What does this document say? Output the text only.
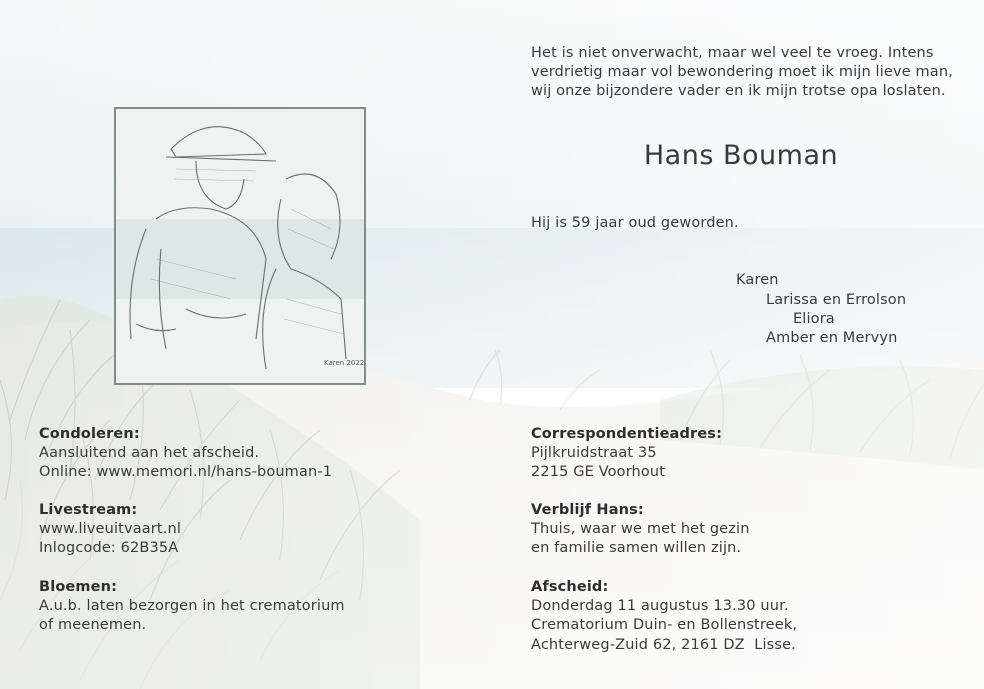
Karen 2022
Het is niet onverwacht, maar wel veel te vroeg. Intens
verdrietig maar vol bewondering moet ik mijn lieve man,
wij onze bijzondere vader en ik mijn trotse opa loslaten.
Hans Bouman
Hij is 59 jaar oud geworden.
Karen
Larissa en Errolson
Eliora
Amber en Mervyn
Condoleren:
Aansluitend aan het afscheid.
Online: www.memori.nl/hans-bouman-1
Livestream:
www.liveuitvaart.nl
Inlogcode: 62B35A
Bloemen:
A.u.b. laten bezorgen in het crematorium
of meenemen.
Correspondentieadres:
Pijlkruidstraat 35
2215 GE Voorhout
Verblijf Hans:
Thuis, waar we met het gezin
en familie samen willen zijn.
Afscheid:
Donderdag 11 augustus 13.30 uur.
Crematorium Duin- en Bollenstreek,
Achterweg-Zuid 62, 2161 DZ  Lisse.
